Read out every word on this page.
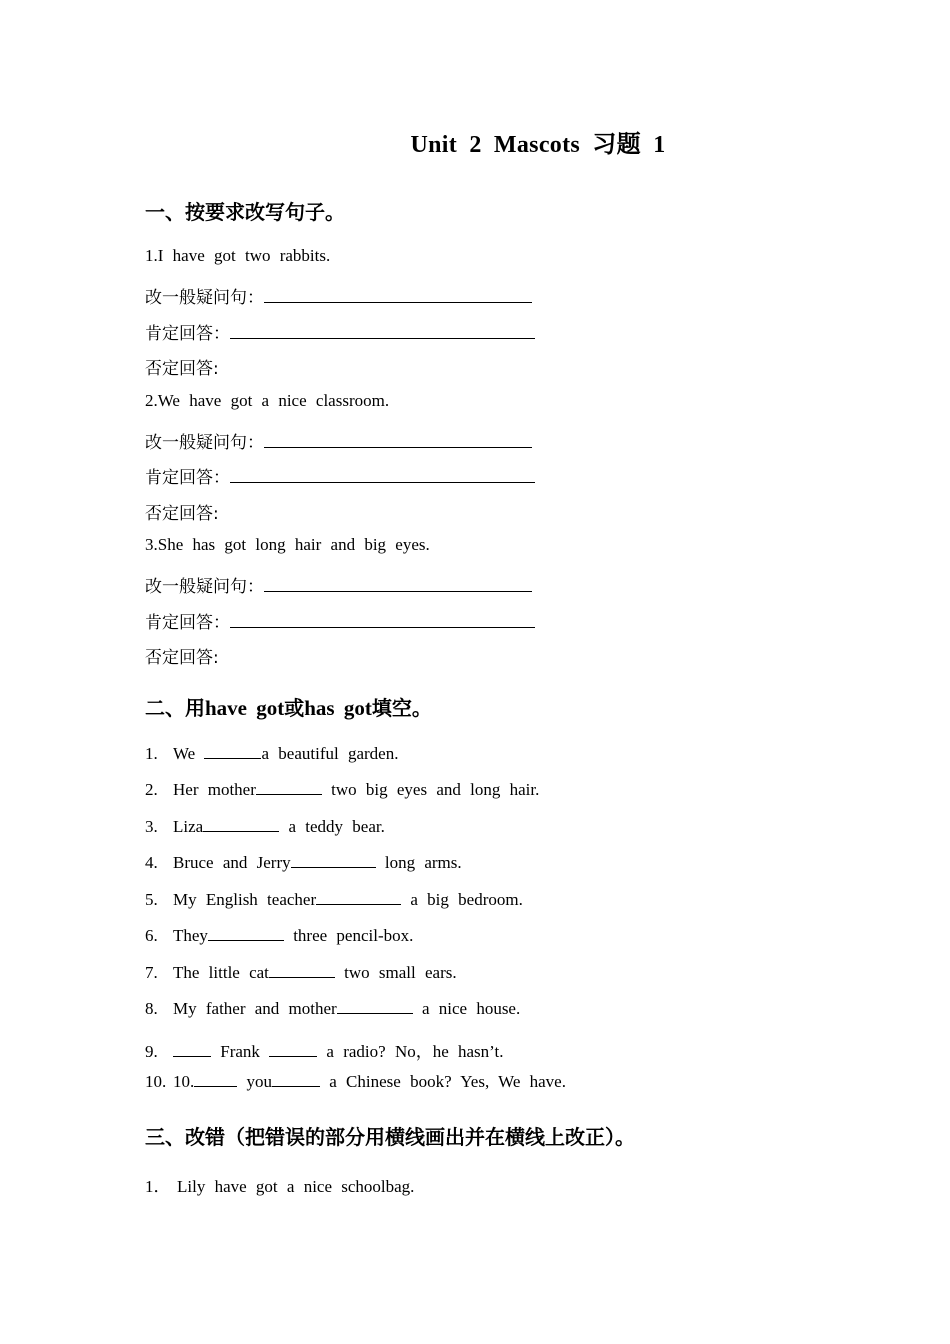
Unit 2 Mascots 习题 1
一、按要求改写句子。
1.I have got two rabbits.
改一般疑问句：
肯定回答：
否定回答:
2.We have got a nice classroom.
改一般疑问句：
肯定回答：
否定回答:
3.She has got long hair and big eyes.
改一般疑问句：
肯定回答：
否定回答:
二、用have got或has got填空。
1. We	a beautiful garden.
2. Her mother	two big eyes and long hair.
3. Liza	a teddy bear.
4. Bruce and Jerry	long arms.
5. My English teacher	a big bedroom.
6. They	three pencil-box.
7. The little cat	two small ears.
8. My father and mother	a nice house.
9.	Frank	a radio? No，he hasn’t.
10. 10.	you	a Chinese book? Yes, We have.
三、改错（把错误的部分用横线画出并在横线上改正）。
1． Lily have got a nice schoolbag.
